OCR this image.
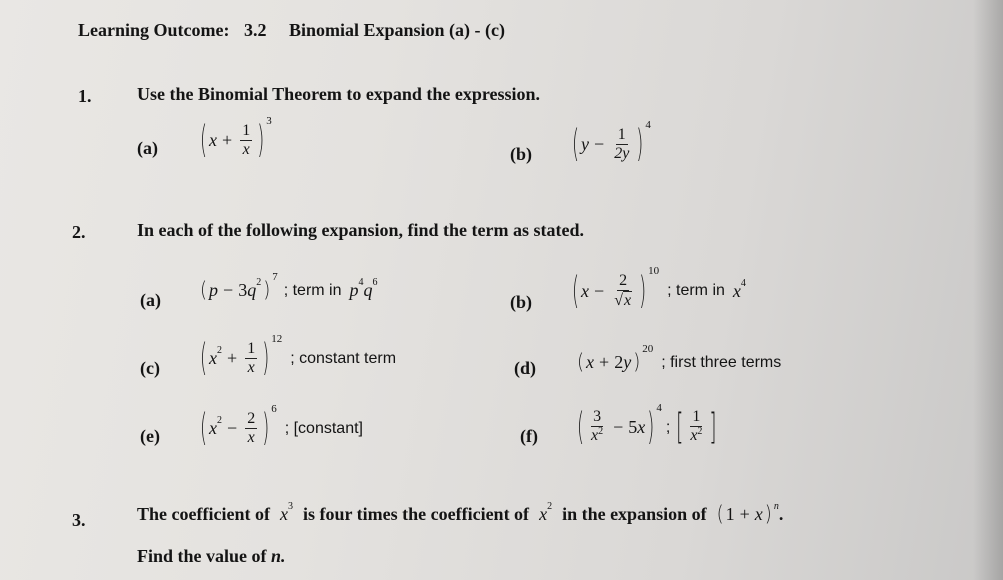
Learning Outcome: 3.2 Binomial Expansion (a) - (c)
1.	Use the Binomial Theorem to expand the expression.
(a) ( $x + \frac{1}{x}$ ) 3
(b) ( $y - \frac{1}{2y}$ ) 4
2.	In each of the following expansion, find the term as stated.
(a) ( p − 3 q 2 )
7
; term in p 4 q 6
(b) ( $x - \frac{2}{√ x}$ ) 10
; term in x 4
(c) ( x $2 + \frac{1}{x}$ ) 12
; constant term	(d) ( x + 2 y )
20
; first three terms
(e) ( x $2 - \frac{2}{x}$ ) 6
; [constant]	(f) ( $\frac{3}{x^2} - 5$ x ) 4
; [ $\frac{1}{x^2}$ ]
3.	The coefficient of x 3 is four times the coefficient of x 2 in the expansion of ( 1 + x ) n .
Find the value of n.
